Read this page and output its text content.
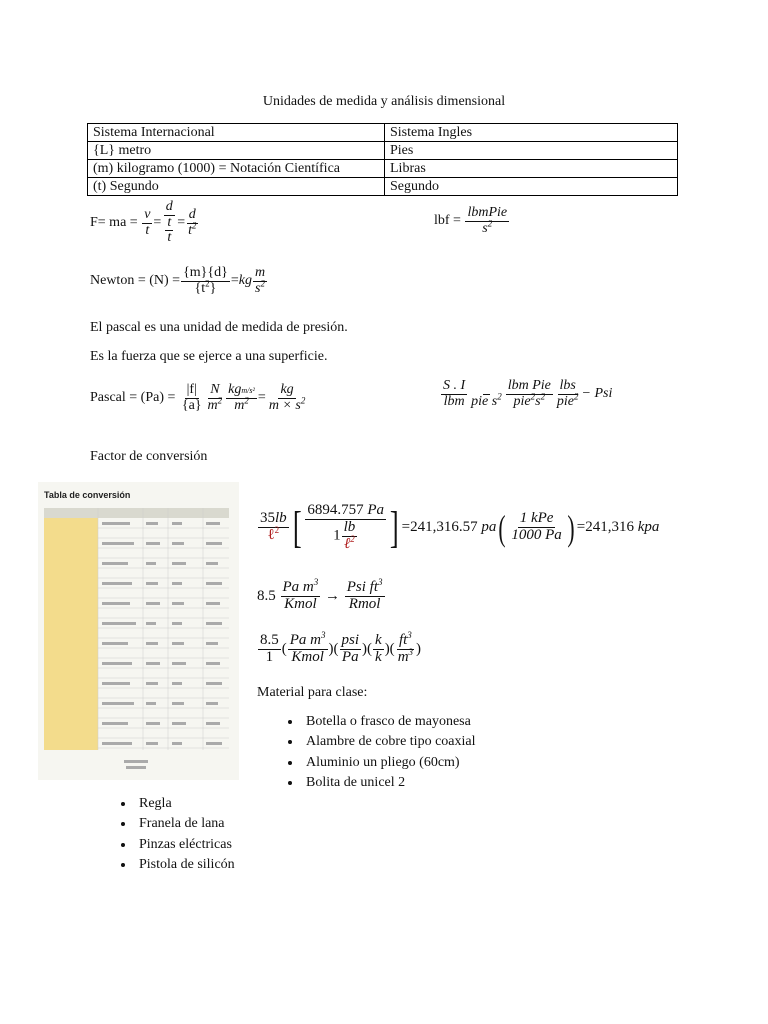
Unidades de medida y análisis dimensional
Sistema Internacional	Sistema Ingles
{L} metro	Pies
(m) kilogramo (1000) = Notación Científica	Libras
(t) Segundo	Segundo
F= ma =
$\frac{v}{t} = \frac{d}{\frac{t}{t}} = \frac{d}{t^2}$	lbf =
$\frac{\text{lbmPie}}{s^2}$
Newton = $(N) = \frac{\{m\}\{d\}}{\{t^2\}}$ = kg $\frac{m}{s^2}$
El pascal es una unidad de medida de presión.
Es la fuerza que se ejerce a una superficie.
Pascal = (Pa) =
$\frac{|f|}{\{a\}} \frac{N}{m^2} \frac{\text{kgm/s²}}{m^2} = \frac{kg}{m \times s^2}$	$\frac{S . I}{\text{lbm}}$
pie $s^2 \frac{\text{lbm Pie}}{pie^2s^2} \frac{\text{lbs}}{pie^2}$ − Psi
Factor de conversión
Tabla de conversión
$\frac{35lb}{\ell^2}$ [ $\frac{6894.757 Pa}{1 \frac{lb}{\ell^2}}$ ] =241,316.57
pa ( $\frac{\text{1 kPe}}{1000 Pa}$ ) =241,316
kpa
8.5
$\frac{Pa m^3}{\text{Kmol}} \to \frac{Psi ft^3}{\text{Rmol}}$
$\frac{8.5}{1}$ ( $\frac{Pa m^3}{\text{Kmol}}$ )( $\frac{\text{psi}}{Pa}$ )( $\frac{k}{k}$ )( $\frac{ft^3}{m^3}$ )
Material para clase:
• Botella o frasco de mayonesa
• Alambre de cobre tipo coaxial
• Aluminio un pliego (60cm)
• Bolita de unicel 2
• Regla
• Franela de lana
• Pinzas eléctricas
• Pistola de silicón
